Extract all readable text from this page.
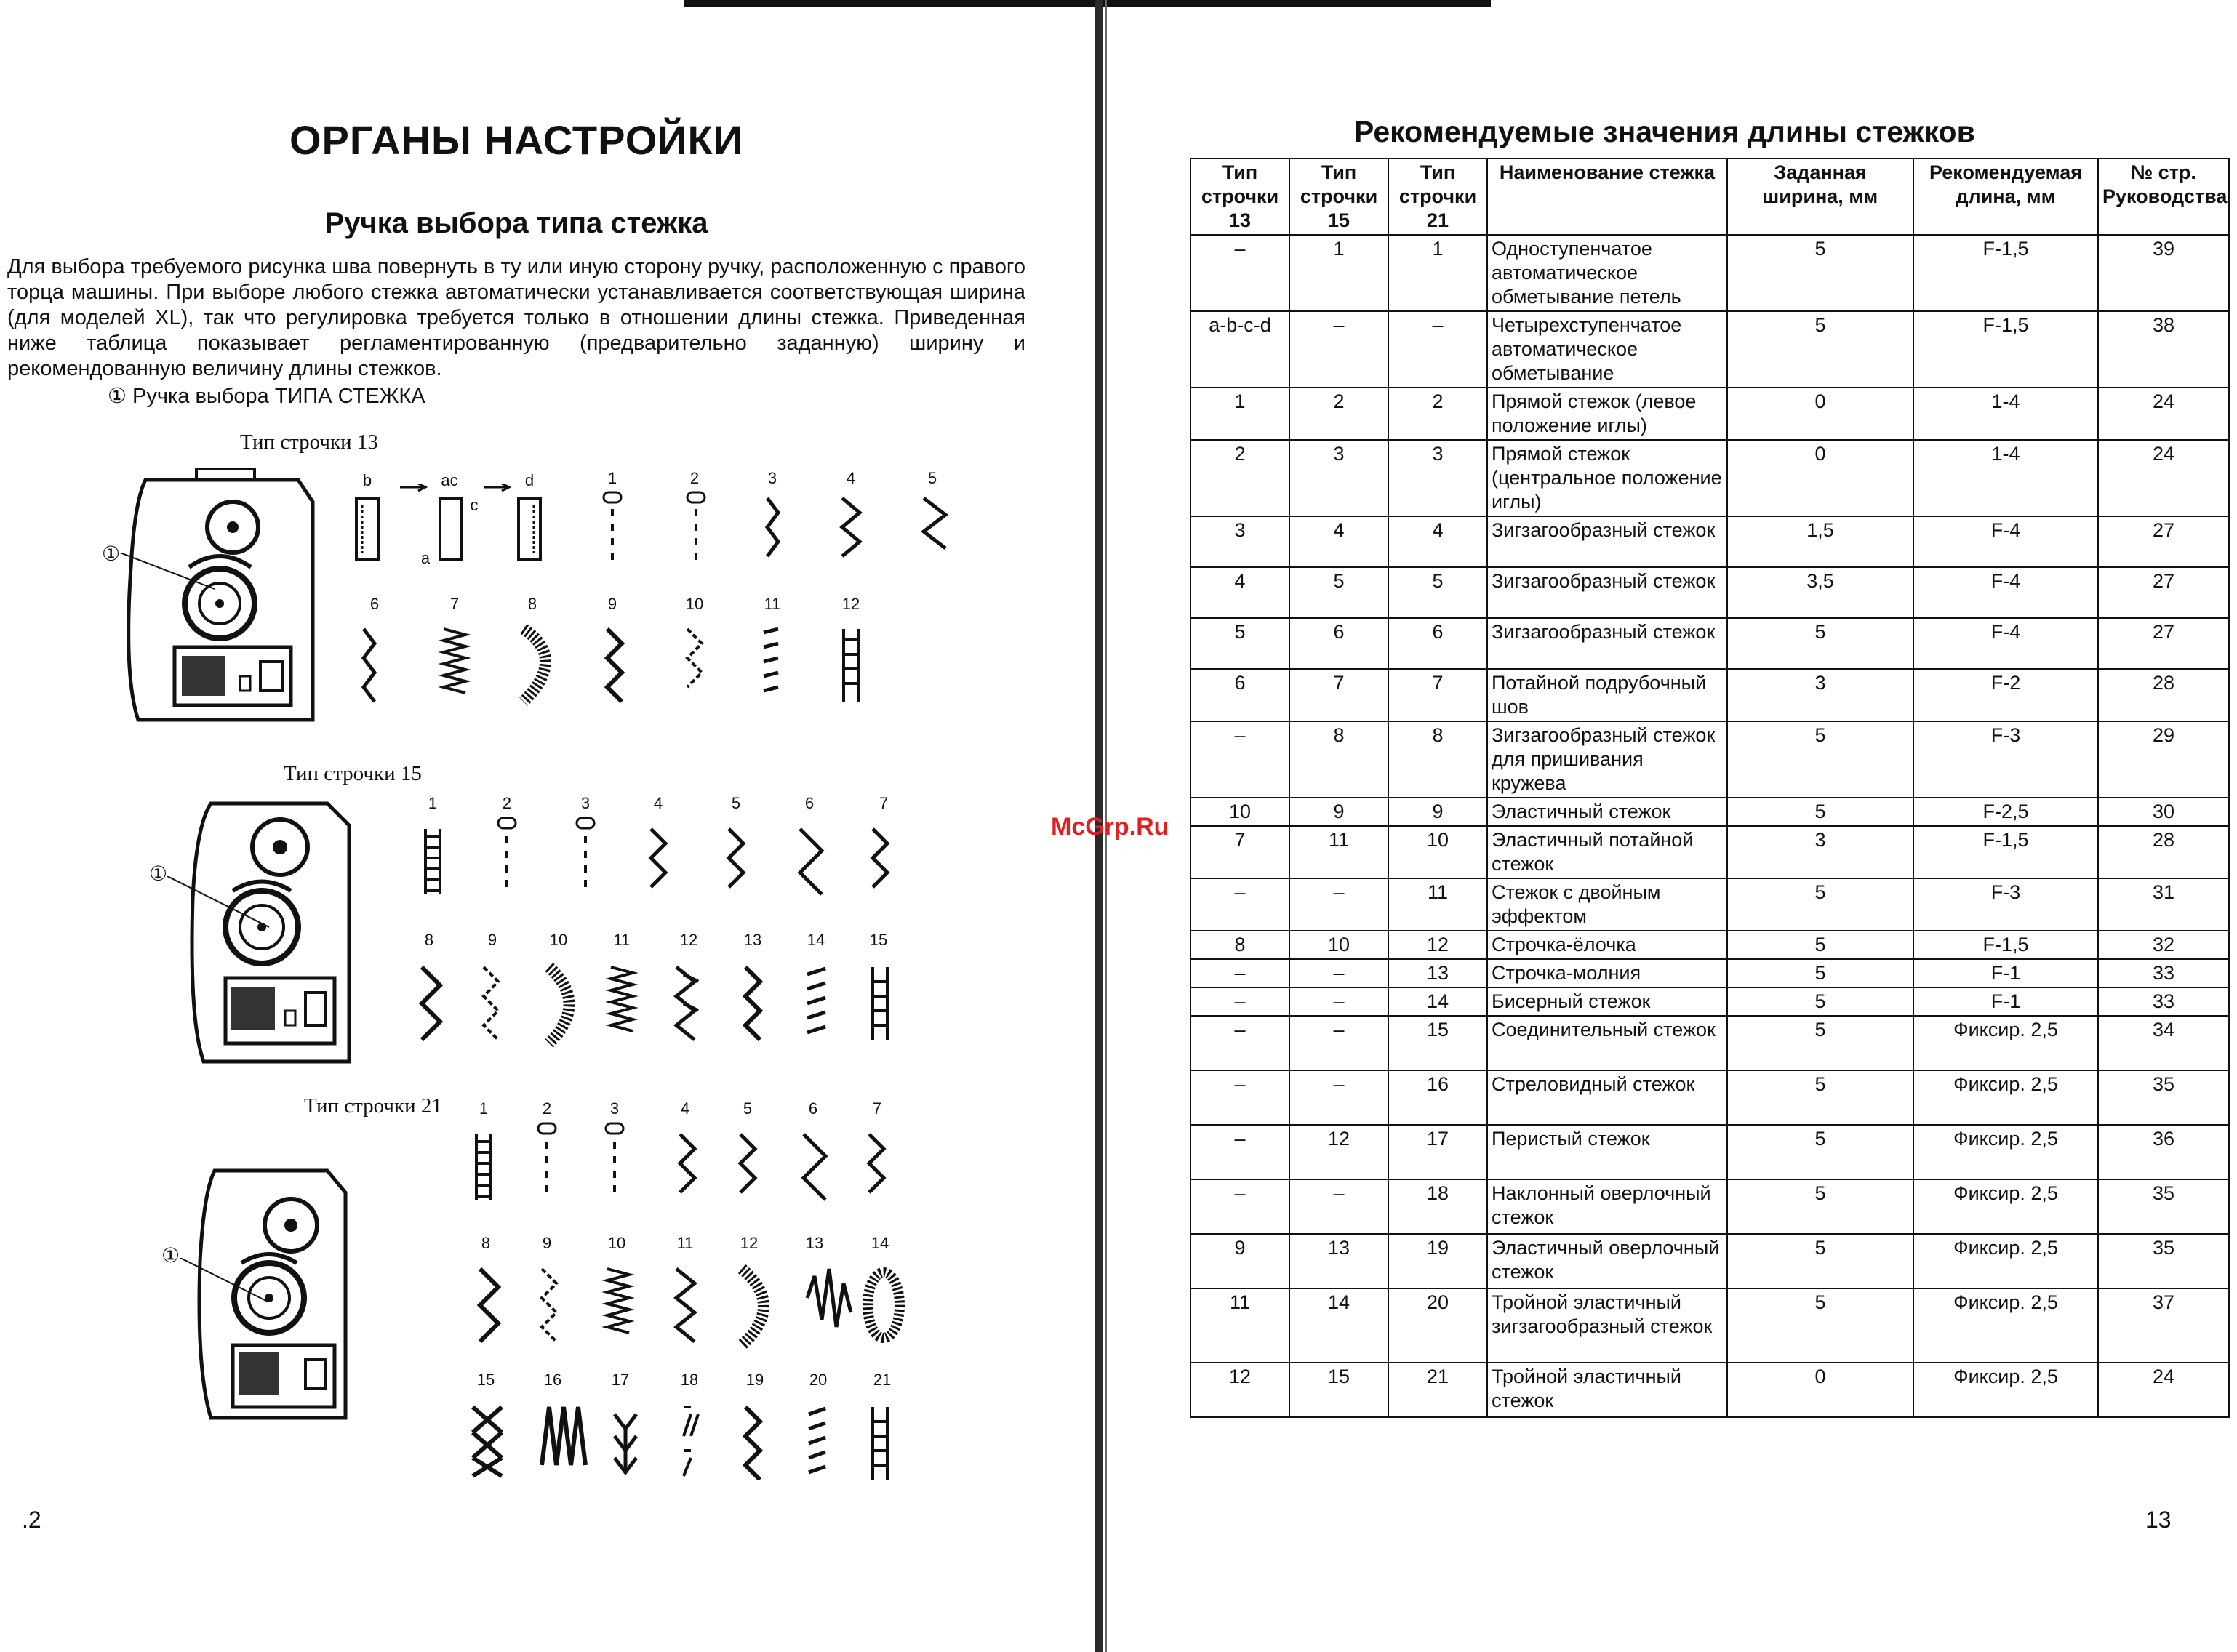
ОРГАНЫ НАСТРОЙКИ
Ручка выбора типа стежка
Для выбора требуемого рисунка шва повернуть в ту или иную сторону ручку, расположенную с правого торца машины. При выборе любого стежка автоматически устанавливается соответствующая ширина (для моделей XL), так что регулировка требуется только в отношении длины стежка. Приведенная ниже таблица показывает регламентированную (предварительно заданную) ширину и рекомендованную величину длины стежков.
① Ручка выбора ТИПА СТЕЖКА
Тип строчки 13
①
b	ac	d
c
a
1	2	3	4	5
6	7	8	9	10	11	12
Тип строчки 15
①
1	2	3	4	5	6	7
8	9	10	11	12	13	14	15
Тип строчки 21
①
1	2	3	4	5	6	7
8	9	10	11	12	13	14
15	16	17	18	19	20	21
.2
Рекомендуемые значения длины стежков
Тип строчки 13	Тип строчки 15	Тип строчки 21	Наименование стежка	Заданная ширина, мм	Рекомендуемая длина, мм	№ стр. Руководства
–	1	1	Одноступенчатое автоматическое обметывание петель	5	F-1,5	39
a-b-c-d	–	–	Четырехступенчатое автоматическое обметывание	5	F-1,5	38
1	2	2	Прямой стежок (левое положение иглы)	0	1-4	24
2	3	3	Прямой стежок (центральное положение иглы)	0	1-4	24
3	4	4	Зигзагообразный стежок	1,5	F-4	27
4	5	5	Зигзагообразный стежок	3,5	F-4	27
5	6	6	Зигзагообразный стежок	5	F-4	27
6	7	7	Потайной подрубочный шов	3	F-2	28
–	8	8	Зигзагообразный стежок для пришивания кружева	5	F-3	29
10	9	9	Эластичный стежок	5	F-2,5	30
7	11	10	Эластичный потайной стежок	3	F-1,5	28
–	–	11	Стежок с двойным эффектом	5	F-3	31
8	10	12	Строчка-ёлочка	5	F-1,5	32
–	–	13	Строчка-молния	5	F-1	33
–	–	14	Бисерный стежок	5	F-1	33
–	–	15	Соединительный стежок	5	Фиксир. 2,5	34
–	–	16	Стреловидный стежок	5	Фиксир. 2,5	35
–	12	17	Перистый стежок	5	Фиксир. 2,5	36
–	–	18	Наклонный оверлочный стежок	5	Фиксир. 2,5	35
9	13	19	Эластичный оверлочный стежок	5	Фиксир. 2,5	35
11	14	20	Тройной эластичный зигзагообразный стежок	5	Фиксир. 2,5	37
12	15	21	Тройной эластичный стежок	0	Фиксир. 2,5	24
McGrp.Ru
13
